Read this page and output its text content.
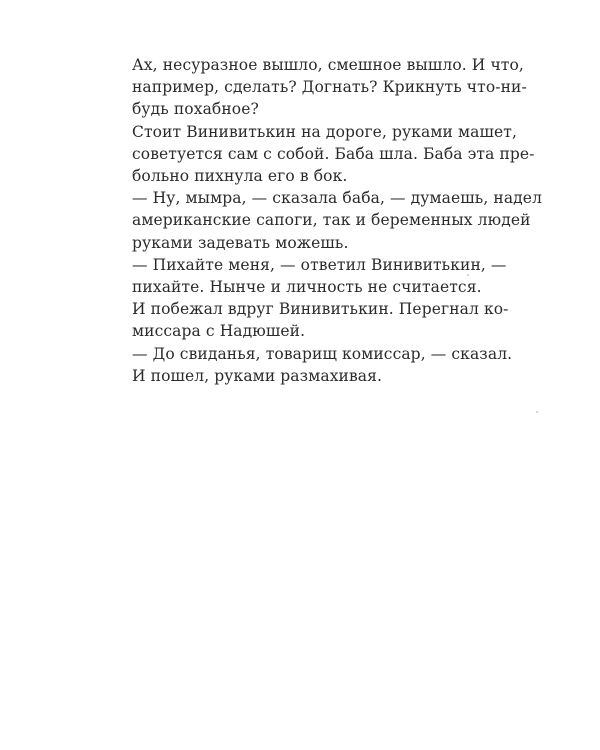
Ах, несуразное вышло, смешное вышло. И что,
например, сделать? Догнать? Крикнуть что-ни-
будь похабное?

Стоит Винивитькин на дороге, руками машет,
советуется сам с собой. Баба шла. Баба эта пре-
больно пихнула его в бок.

— Ну, мымра, — сказала баба, — думаешь, надел
американские сапоги, так и беременных людей
руками задевать можешь.

— Пихайте меня, — ответил Винивитькин, —
пихайте. Нынче и личность не считается.

И побежал вдруг Винивитькин. Перегнал ко-
миссара с Надюшей.

— До свиданья, товарищ комиссар, — сказал.
И пошел, руками размахивая.
